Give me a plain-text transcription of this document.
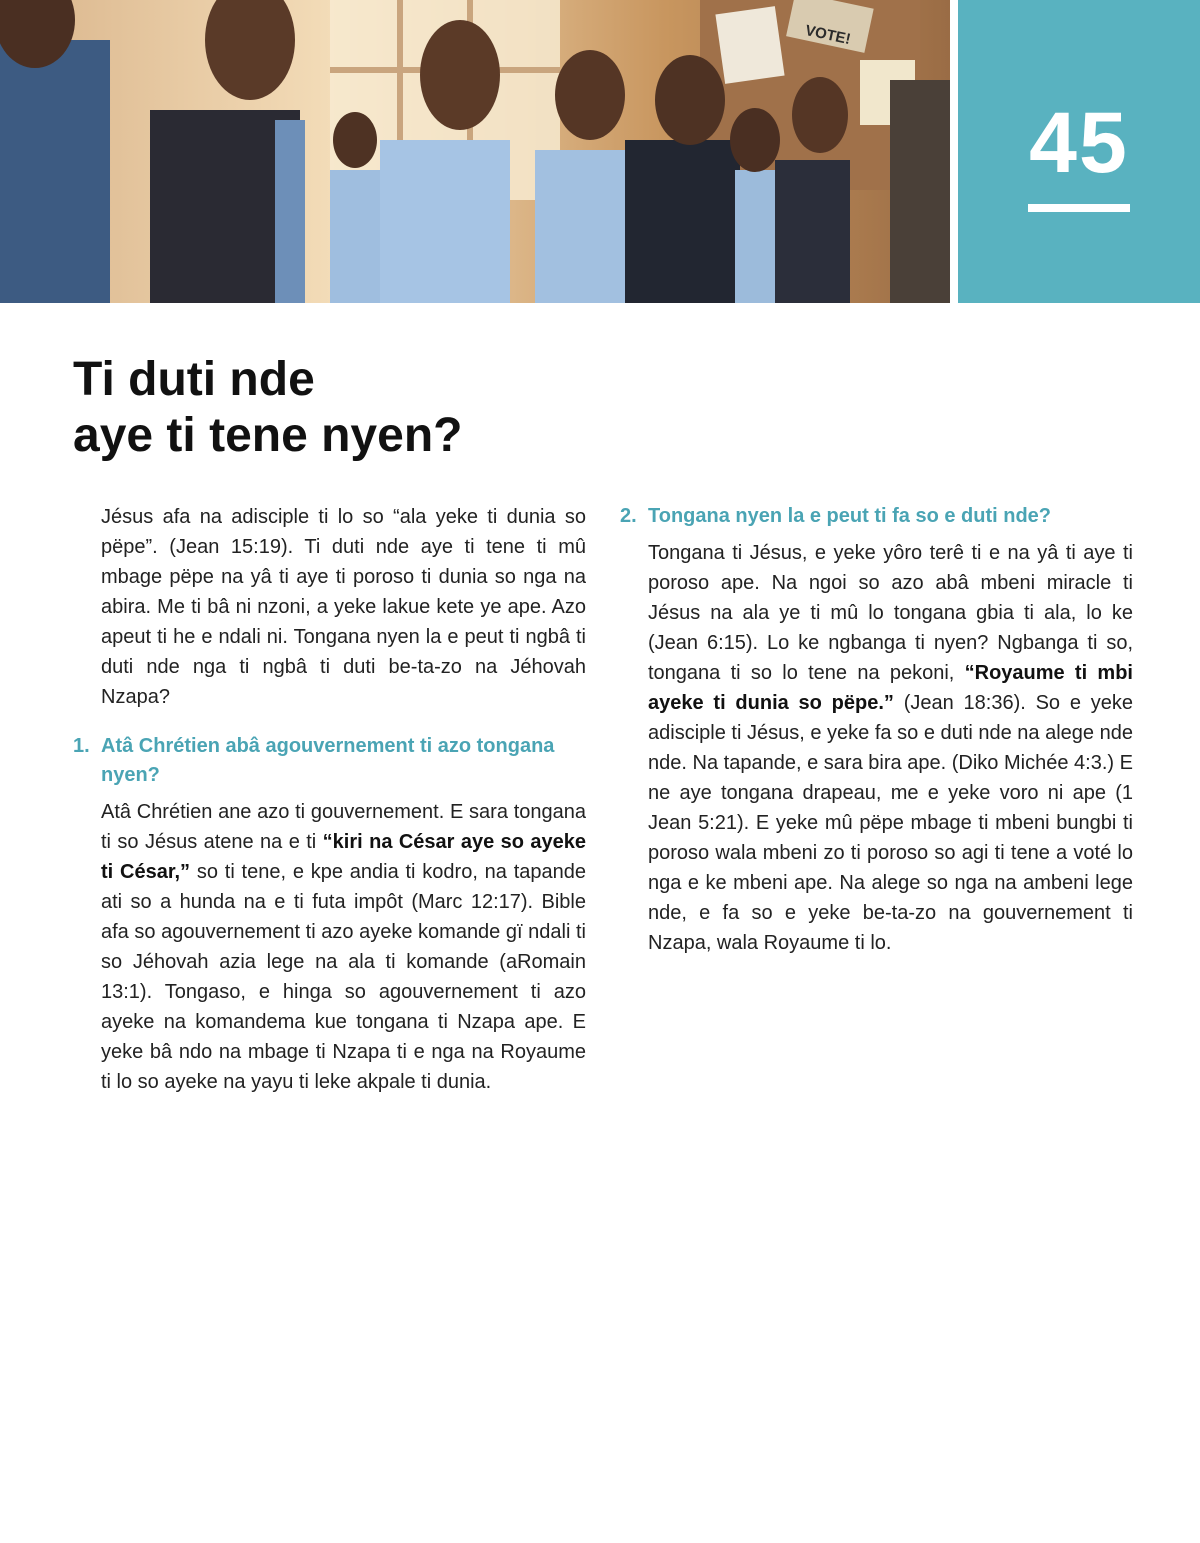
VOTE!
45
Ti duti nde
aye ti tene nyen?

Jésus afa na adisciple ti lo so “ala yeke ti dunia so pëpe”. (Jean 15:19). Ti duti nde aye ti tene ti mû mbage pëpe na yâ ti aye ti poroso ti dunia so nga na abira. Me ti bâ ni nzoni, a yeke lakue kete ye ape. Azo apeut ti he e ndali ni. Tongana nyen la e peut ti ngbâ ti duti nde nga ti ngbâ ti duti be-ta-zo na Jéhovah Nzapa?

1. Atâ Chrétien abâ agouvernement ti azo tongana nyen?

Atâ Chrétien ane azo ti gouvernement. E sara tongana ti so Jésus atene na e ti “kiri na César aye so ayeke ti César,” so ti tene, e kpe andia ti kodro, na tapande ati so a hunda na e ti futa impôt (Marc 12:17). Bible afa so agouvernement ti azo ayeke komande gï ndali ti so Jéhovah azia lege na ala ti komande (aRomain 13:1). Tongaso, e hinga so agouvernement ti azo ayeke na komandema kue tongana ti Nzapa ape. E yeke bâ ndo na mbage ti Nzapa ti e nga na Royaume ti lo so ayeke na yayu ti leke akpale ti dunia.

2. Tongana nyen la e peut ti fa so e duti nde?

Tongana ti Jésus, e yeke yôro terê ti e na yâ ti aye ti poroso ape. Na ngoi so azo abâ mbeni miracle ti Jésus na ala ye ti mû lo tongana gbia ti ala, lo ke (Jean 6:15). Lo ke ngbanga ti nyen? Ngbanga ti so, tongana ti so lo tene na pekoni, “Royaume ti mbi ayeke ti dunia so pëpe.” (Jean 18:36). So e yeke adisciple ti Jésus, e yeke fa so e duti nde na alege nde nde. Na tapande, e sara bira ape. (Diko Michée 4:3.) E ne aye tongana drapeau, me e yeke voro ni ape (1 Jean 5:21). E yeke mû pëpe mbage ti mbeni bungbi ti poroso wala mbeni zo ti poroso so agi ti tene a voté lo nga e ke mbeni ape. Na alege so nga na ambeni lege nde, e fa so e yeke be-ta-zo na gouvernement ti Nzapa, wala Royaume ti lo.
